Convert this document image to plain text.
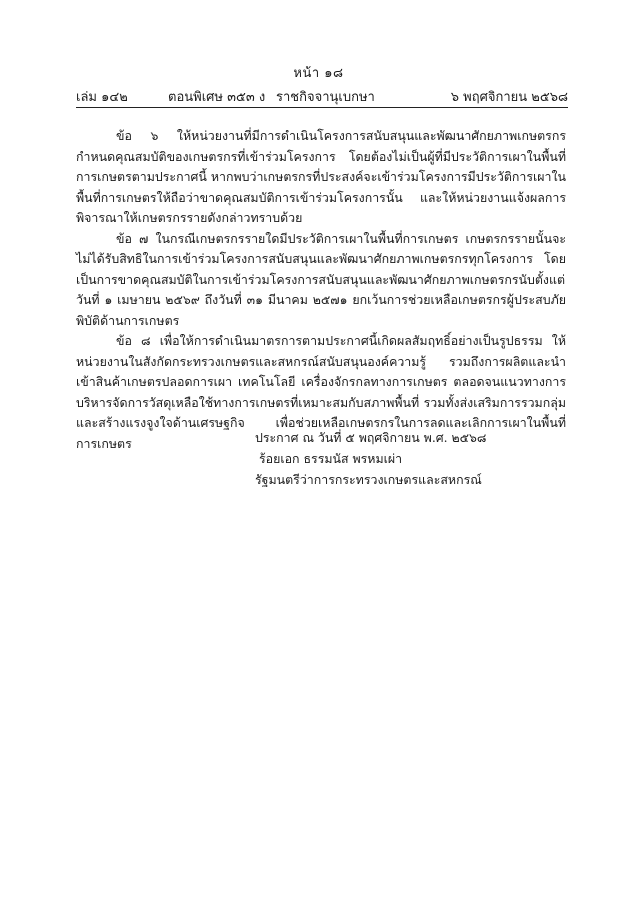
หน้า ๑๘
เล่ม ๑๔๒	ตอนพิเศษ ๓๕๓ ง ราชกิจจานุเบกษา	๖ พฤศจิกายน ๒๕๖๘

ข้อ ๖ ให้หน่วยงานที่มีการดำเนินโครงการสนับสนุนและพัฒนาศักยภาพเกษตรกรกำหนดคุณสมบัติของเกษตรกรที่เข้าร่วมโครงการ โดยต้องไม่เป็นผู้ที่มีประวัติการเผาในพื้นที่การเกษตรตามประกาศนี้ หากพบว่าเกษตรกรที่ประสงค์จะเข้าร่วมโครงการมีประวัติการเผาในพื้นที่การเกษตรให้ถือว่าขาดคุณสมบัติการเข้าร่วมโครงการนั้น และให้หน่วยงานแจ้งผลการพิจารณาให้เกษตรกรรายดังกล่าวทราบด้วย

ข้อ ๗ ในกรณีเกษตรกรรายใดมีประวัติการเผาในพื้นที่การเกษตร เกษตรกรรายนั้นจะไม่ได้รับสิทธิในการเข้าร่วมโครงการสนับสนุนและพัฒนาศักยภาพเกษตรกรทุกโครงการ โดยเป็นการขาดคุณสมบัติในการเข้าร่วมโครงการสนับสนุนและพัฒนาศักยภาพเกษตรกรนับตั้งแต่วันที่ ๑ เมษายน ๒๕๖๙ ถึงวันที่ ๓๑ มีนาคม ๒๕๗๑ ยกเว้นการช่วยเหลือเกษตรกรผู้ประสบภัยพิบัติด้านการเกษตร

ข้อ ๘ เพื่อให้การดำเนินมาตรการตามประกาศนี้เกิดผลสัมฤทธิ์อย่างเป็นรูปธรรม ให้หน่วยงานในสังกัดกระทรวงเกษตรและสหกรณ์สนับสนุนองค์ความรู้ รวมถึงการผลิตและนำเข้าสินค้าเกษตรปลอดการเผา เทคโนโลยี เครื่องจักรกลทางการเกษตร ตลอดจนแนวทางการบริหารจัดการวัสดุเหลือใช้ทางการเกษตรที่เหมาะสมกับสภาพพื้นที่ รวมทั้งส่งเสริมการรวมกลุ่มและสร้างแรงจูงใจด้านเศรษฐกิจ เพื่อช่วยเหลือเกษตรกรในการลดและเลิกการเผาในพื้นที่การเกษตร	ประกาศ ณ วันที่ ๕ พฤศจิกายน พ.ศ. ๒๕๖๘
ร้อยเอก ธรรมนัส พรหมเผ่า
รัฐมนตรีว่าการกระทรวงเกษตรและสหกรณ์
